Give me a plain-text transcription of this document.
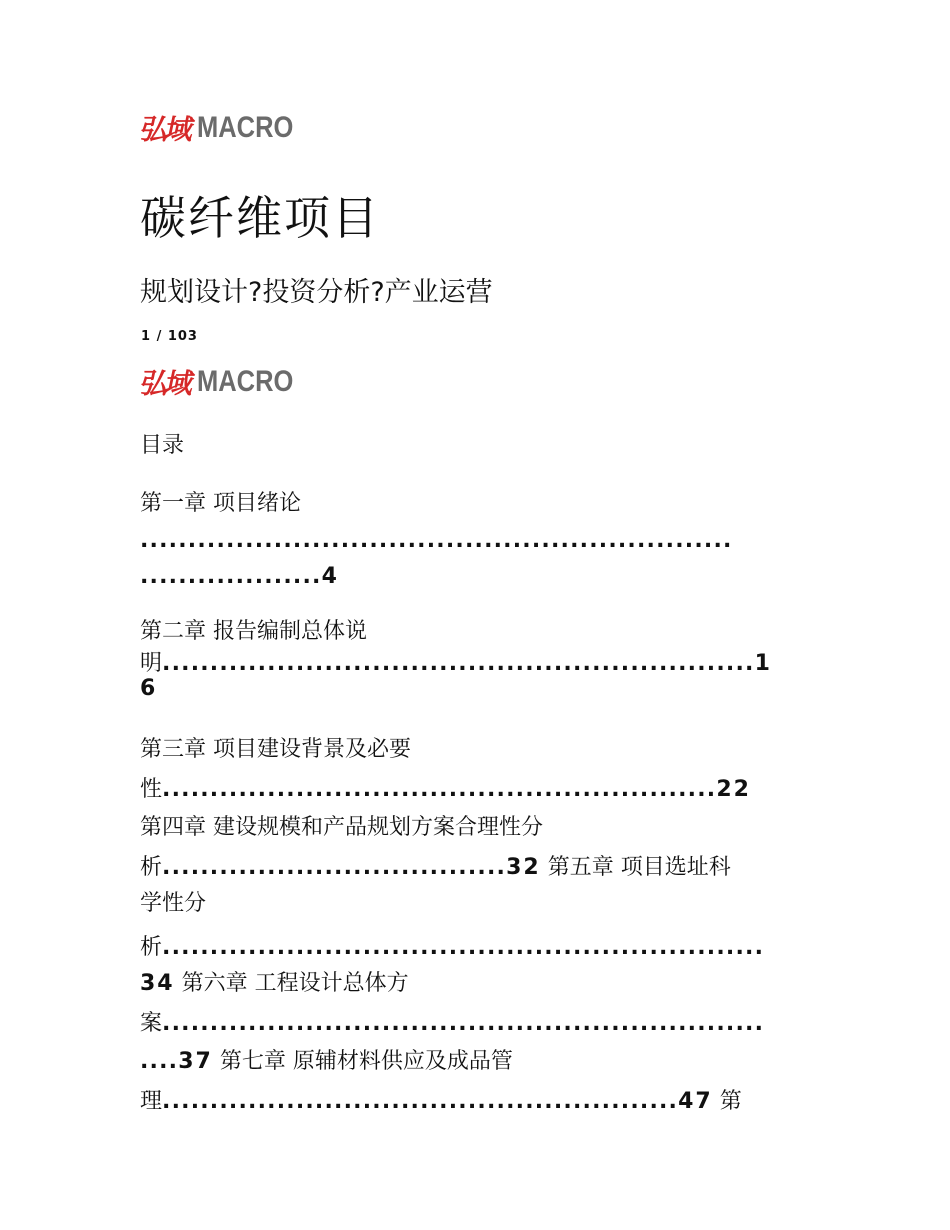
弘域 MACRO
碳纤维项目
规划设计?投资分析?产业运营
1 / 103
弘域 MACRO
目录
第一章 项目绪论
..............................................................
...................4
第二章 报告编制总体说
明..............................................................1
6
第三章 项目建设背景及必要
性..........................................................22
第四章 建设规模和产品规划方案合理性分
析....................................32 第五章 项目选址科
学性分
析...............................................................
34 第六章 工程设计总体方
案...............................................................
....37 第七章 原辅材料供应及成品管
理......................................................47 第
